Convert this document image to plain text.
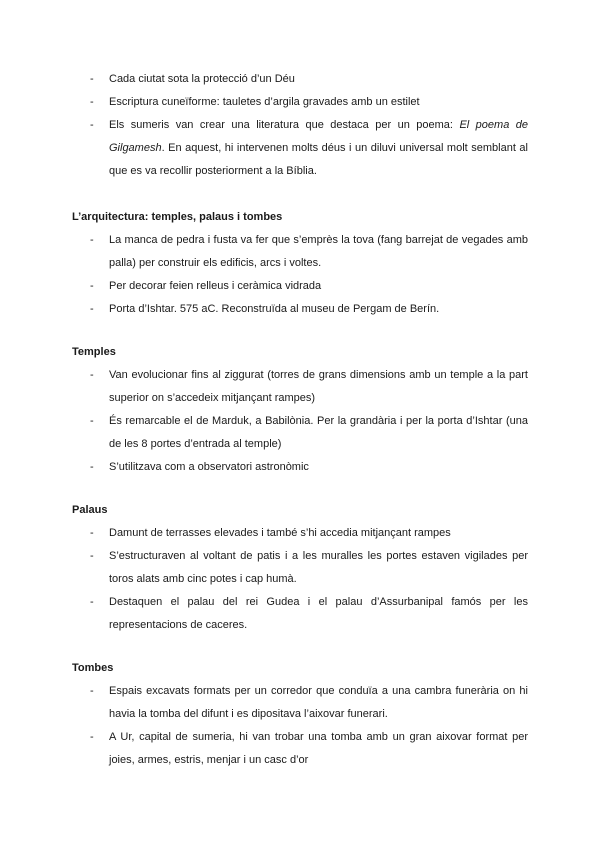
- Cada ciutat sota la protecció d’un Déu
- Escriptura cuneïforme: tauletes d’argila gravades amb un estilet
- Els sumeris van crear una literatura que destaca per un poema: El poema de Gilgamesh. En aquest, hi intervenen molts déus i un diluvi universal molt semblant al que es va recollir posteriorment a la Bíblia.

L’arquitectura: temples, palaus i tombes

- La manca de pedra i fusta va fer que s’emprès la tova (fang barrejat de vegades amb palla) per construir els edificis, arcs i voltes.
- Per decorar feien relleus i ceràmica vidrada
- Porta d’Ishtar. 575 aC. Reconstruïda al museu de Pergam de Berín.

Temples

- Van evolucionar fins al ziggurat (torres de grans dimensions amb un temple a la part superior on s’accedeix mitjançant rampes)
- És remarcable el de Marduk, a Babilònia. Per la grandària i per la porta d’Ishtar (una de les 8 portes d’entrada al temple)
- S’utilitzava com a observatori astronòmic

Palaus

- Damunt de terrasses elevades i també s’hi accedia mitjançant rampes
- S’estructuraven al voltant de patis i a les muralles les portes estaven vigilades per toros alats amb cinc potes i cap humà.
- Destaquen el palau del rei Gudea i el palau d’Assurbanipal famós per les representacions de caceres.

Tombes

- Espais excavats formats per un corredor que conduïa a una cambra funerària on hi havia la tomba del difunt i es dipositava l’aixovar funerari.
- A Ur, capital de sumeria, hi van trobar una tomba amb un gran aixovar format per joies, armes, estris, menjar i un casc d’or
